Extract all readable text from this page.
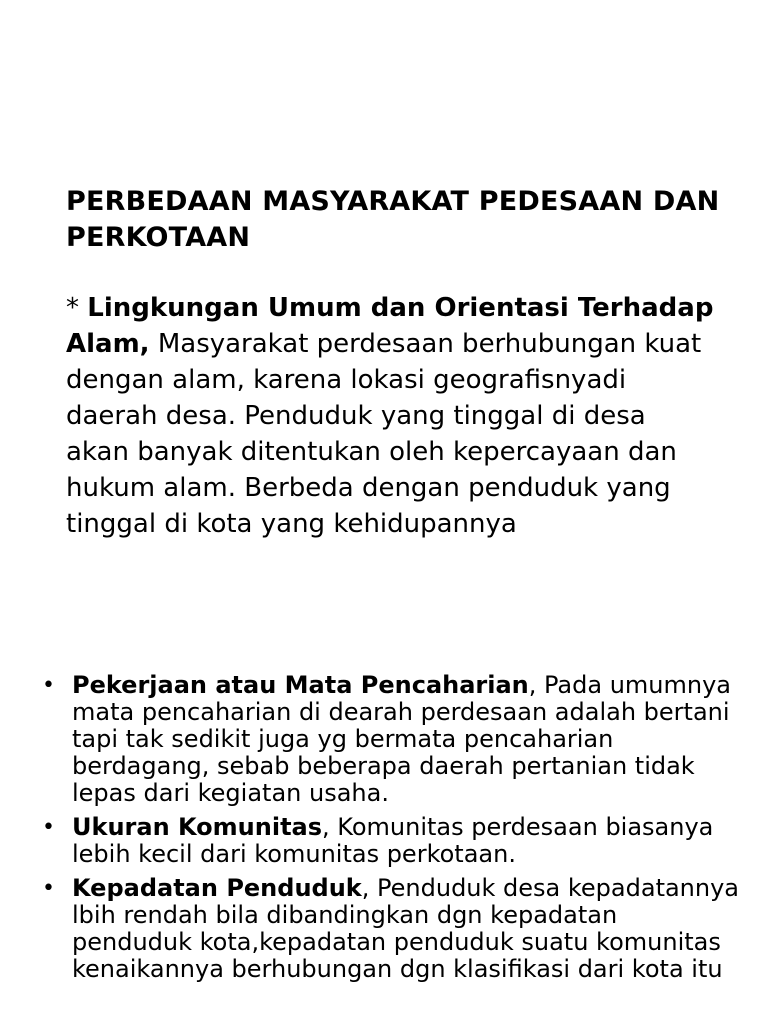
PERBEDAAN MASYARAKAT PEDESAAN DAN PERKOTAAN

* Lingkungan Umum dan Orientasi Terhadap Alam, Masyarakat perdesaan berhubungan kuat dengan alam, karena lokasi geografisnyadi daerah desa. Penduduk yang tinggal di desa akan banyak ditentukan oleh kepercayaan dan hukum alam. Berbeda dengan penduduk yang tinggal di kota yang kehidupannya

• Pekerjaan atau Mata Pencaharian, Pada umumnya mata pencaharian di dearah perdesaan adalah bertani tapi tak sedikit juga yg bermata pencaharian berdagang, sebab beberapa daerah pertanian tidak lepas dari kegiatan usaha.
• Ukuran Komunitas, Komunitas perdesaan biasanya lebih kecil dari komunitas perkotaan.
• Kepadatan Penduduk, Penduduk desa kepadatannya lbih rendah bila dibandingkan dgn kepadatan penduduk kota,kepadatan penduduk suatu komunitas kenaikannya berhubungan dgn klasifikasi dari kota itu
